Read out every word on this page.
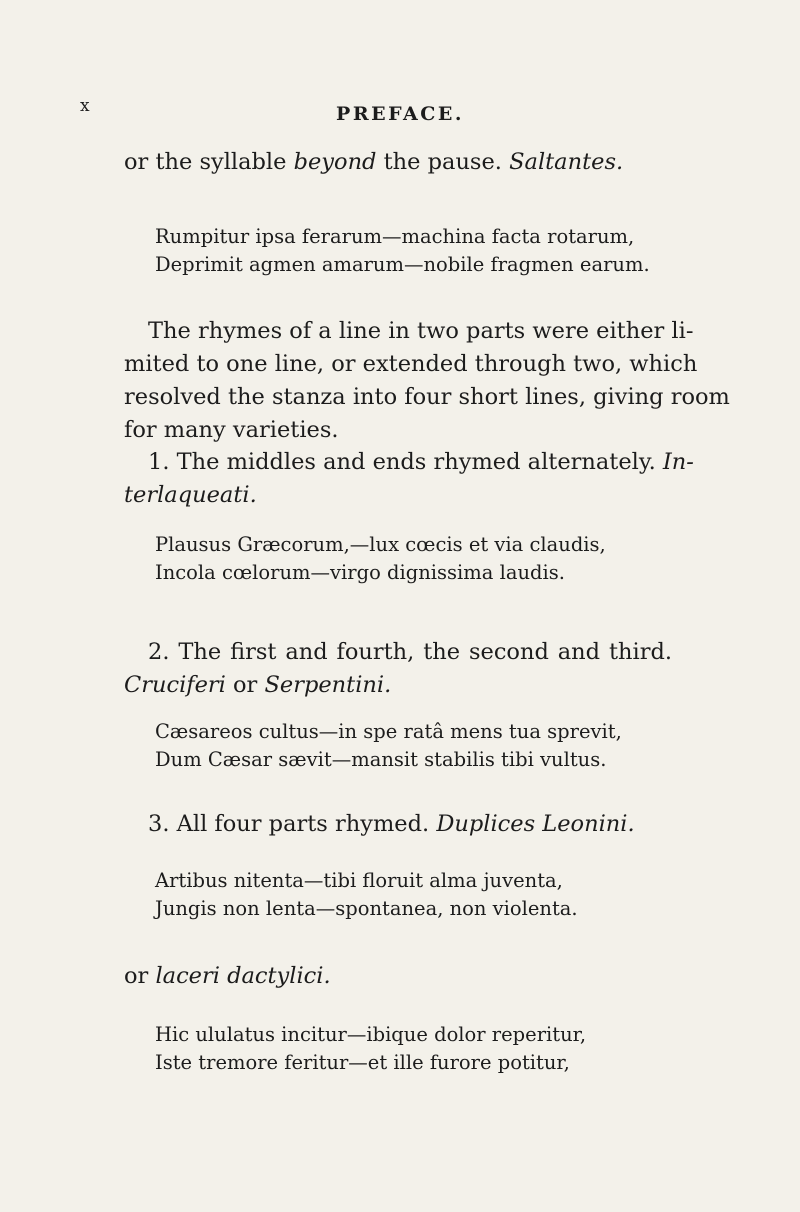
x	PREFACE.
or the syllable beyond the pause. Saltantes.
Rumpitur ipsa ferarum—machina facta rotarum,
Deprimit agmen amarum—nobile fragmen earum.
The rhymes of a line in two parts were either li-
mited to one line, or extended through two, which
resolved the stanza into four short lines, giving room
for many varieties.
1. The middles and ends rhymed alternately. In-
terlaqueati.
Plausus Græcorum,—lux cœcis et via claudis,
Incola cœlorum—virgo dignissima laudis.
2. The first and fourth, the second and third.
Cruciferi or Serpentini.
Cæsareos cultus—in spe ratâ mens tua sprevit,
Dum Cæsar sævit—mansit stabilis tibi vultus.
3. All four parts rhymed. Duplices Leonini.
Artibus nitenta—tibi floruit alma juventa,
Jungis non lenta—spontanea, non violenta.
or laceri dactylici.
Hic ululatus incitur—ibique dolor reperitur,
Iste tremore feritur—et ille furore potitur,
